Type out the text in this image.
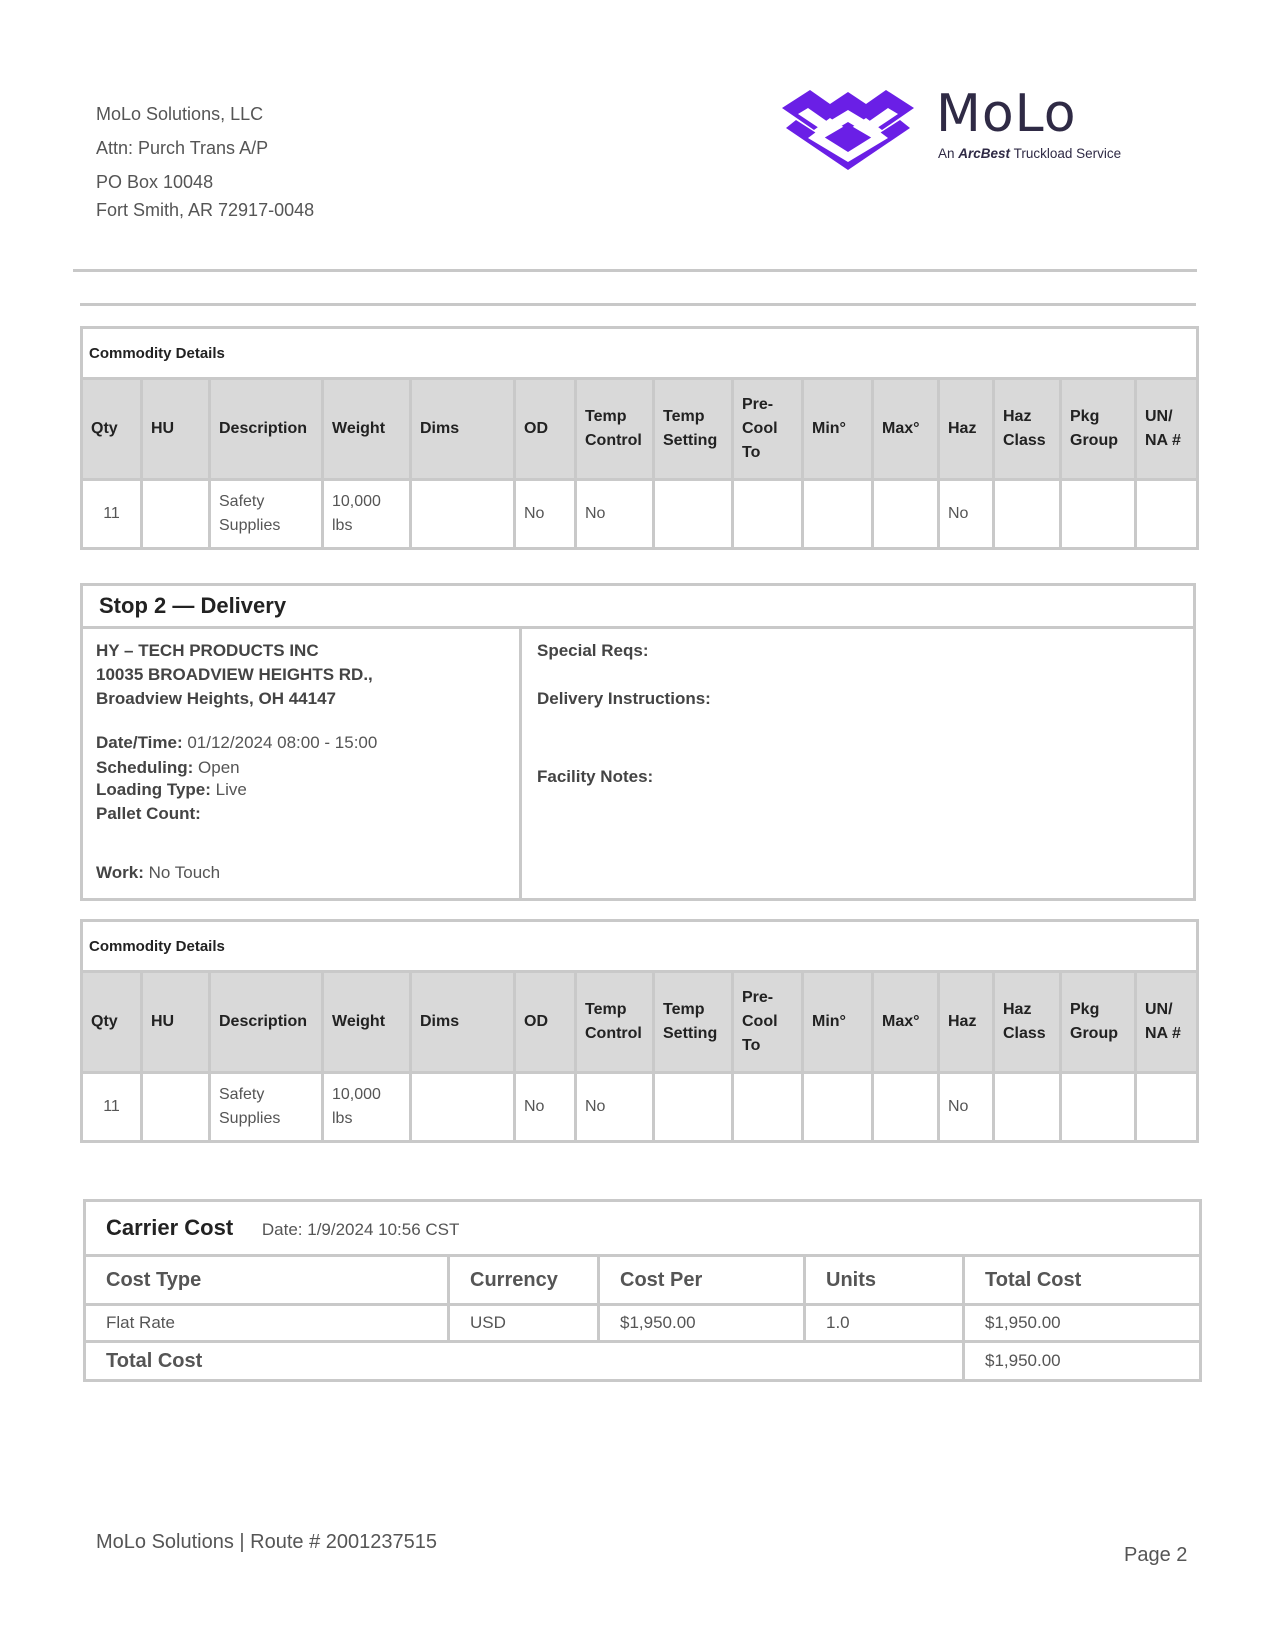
MoLo Solutions, LLC
Attn: Purch Trans A/P
PO Box 10048
Fort Smith, AR 72917-0048
MoLo
An ArcBest Truckload Service
Commodity Details														
Qty	HU	Description	Weight	Dims	OD	Temp Control	Temp Setting	Pre-Cool To	Min°	Max°	Haz	Haz Class	Pkg Group	UN/ NA #
11		Safety Supplies	10,000 lbs		No	No					No			
Stop 2 — Delivery
HY – TECH PRODUCTS INC
10035 BROADVIEW HEIGHTS RD.,
Broadview Heights, OH 44147
Date/Time: 01/12/2024 08:00 - 15:00
Scheduling: Open
Loading Type: Live
Pallet Count:
Work: No Touch
Special Reqs:
Delivery Instructions:
Facility Notes:
Commodity Details														
Qty	HU	Description	Weight	Dims	OD	Temp Control	Temp Setting	Pre-Cool To	Min°	Max°	Haz	Haz Class	Pkg Group	UN/ NA #
11		Safety Supplies	10,000 lbs		No	No					No			
Carrier Cost Date: 1/9/2024 10:56 CST				
Cost Type	Currency	Cost Per	Units	Total Cost
Flat Rate	USD	$1,950.00	1.0	$1,950.00
Total Cost				$1,950.00
MoLo Solutions | Route # 2001237515
Page 2
